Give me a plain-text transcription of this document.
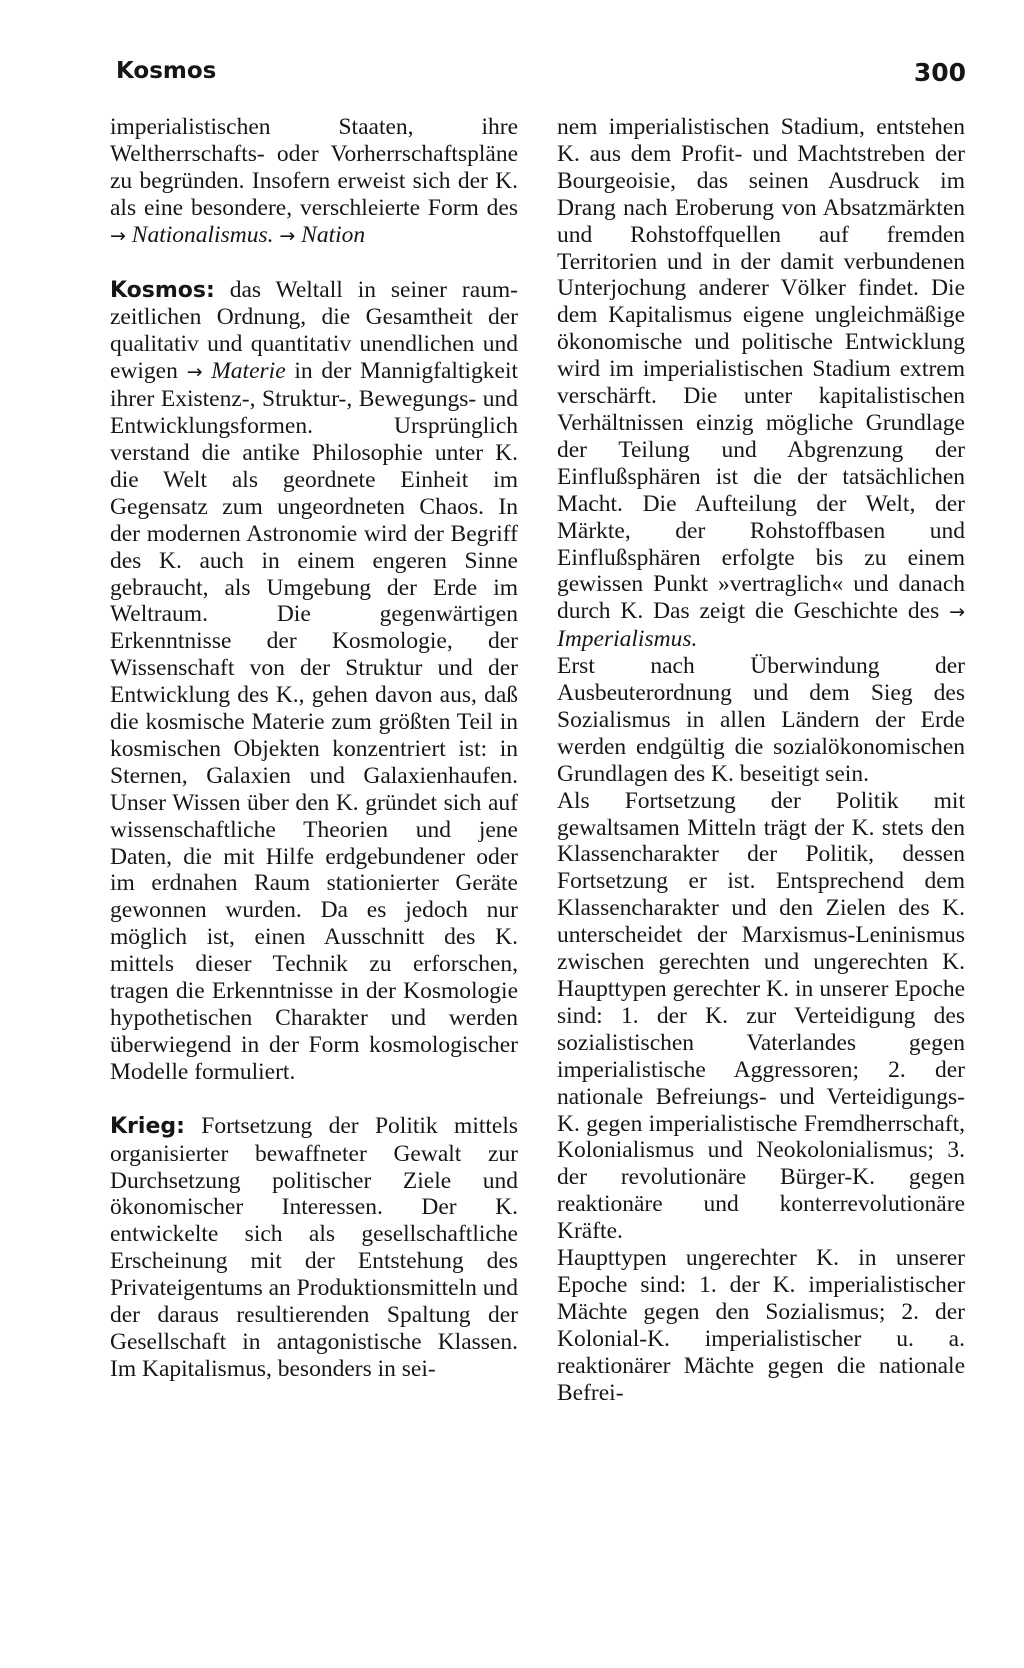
Kosmos	300

imperialistischen Staaten, ihre Weltherrschafts- oder Vorherrschaftspläne zu begründen. Insofern erweist sich der K. als eine besondere, verschleierte Form des → Nationalismus. → Nation

Kosmos: das Weltall in seiner raum-zeitlichen Ordnung, die Gesamtheit der qualitativ und quantitativ unendlichen und ewigen → Materie in der Mannigfaltigkeit ihrer Existenz-, Struktur-, Bewegungs- und Entwicklungsformen. Ursprünglich verstand die antike Philosophie unter K. die Welt als geordnete Einheit im Gegensatz zum ungeordneten Chaos. In der modernen Astronomie wird der Begriff des K. auch in einem engeren Sinne gebraucht, als Umgebung der Erde im Weltraum. Die gegenwärtigen Erkenntnisse der Kosmologie, der Wissenschaft von der Struktur und der Entwicklung des K., gehen davon aus, daß die kosmische Materie zum größten Teil in kosmischen Objekten konzentriert ist: in Sternen, Galaxien und Galaxienhaufen. Unser Wissen über den K. gründet sich auf wissenschaftliche Theorien und jene Daten, die mit Hilfe erdgebundener oder im erdnahen Raum stationierter Geräte gewonnen wurden. Da es jedoch nur möglich ist, einen Ausschnitt des K. mittels dieser Technik zu erforschen, tragen die Erkenntnisse in der Kosmologie hypothetischen Charakter und werden überwiegend in der Form kosmologischer Modelle formuliert.

Krieg: Fortsetzung der Politik mittels organisierter bewaffneter Gewalt zur Durchsetzung politischer Ziele und ökonomischer Interessen. Der K. entwickelte sich als gesellschaftliche Erscheinung mit der Entstehung des Privateigentums an Produktionsmitteln und der daraus resultierenden Spaltung der Gesellschaft in antagonistische Klassen. Im Kapitalismus, besonders in sei-

nem imperialistischen Stadium, entstehen K. aus dem Profit- und Machtstreben der Bourgeoisie, das seinen Ausdruck im Drang nach Eroberung von Absatzmärkten und Rohstoffquellen auf fremden Territorien und in der damit verbundenen Unterjochung anderer Völker findet. Die dem Kapitalismus eigene ungleichmäßige ökonomische und politische Entwicklung wird im imperialistischen Stadium extrem verschärft. Die unter kapitalistischen Verhältnissen einzig mögliche Grundlage der Teilung und Abgrenzung der Einflußsphären ist die der tatsächlichen Macht. Die Aufteilung der Welt, der Märkte, der Rohstoffbasen und Einflußsphären erfolgte bis zu einem gewissen Punkt »vertraglich« und danach durch K. Das zeigt die Geschichte des → Imperialismus.

Erst nach Überwindung der Ausbeuterordnung und dem Sieg des Sozialismus in allen Ländern der Erde werden endgültig die sozialökonomischen Grundlagen des K. beseitigt sein.

Als Fortsetzung der Politik mit gewaltsamen Mitteln trägt der K. stets den Klassencharakter der Politik, dessen Fortsetzung er ist. Entsprechend dem Klassencharakter und den Zielen des K. unterscheidet der Marxismus-Leninismus zwischen gerechten und ungerechten K. Haupttypen gerechter K. in unserer Epoche sind: 1. der K. zur Verteidigung des sozialistischen Vaterlandes gegen imperialistische Aggressoren; 2. der nationale Befreiungs- und Verteidigungs-K. gegen imperialistische Fremdherrschaft, Kolonialismus und Neokolonialismus; 3. der revolutionäre Bürger-K. gegen reaktionäre und konterrevolutionäre Kräfte.

Haupttypen ungerechter K. in unserer Epoche sind: 1. der K. imperialistischer Mächte gegen den Sozialismus; 2. der Kolonial-K. imperialistischer u. a. reaktionärer Mächte gegen die nationale Befrei-
